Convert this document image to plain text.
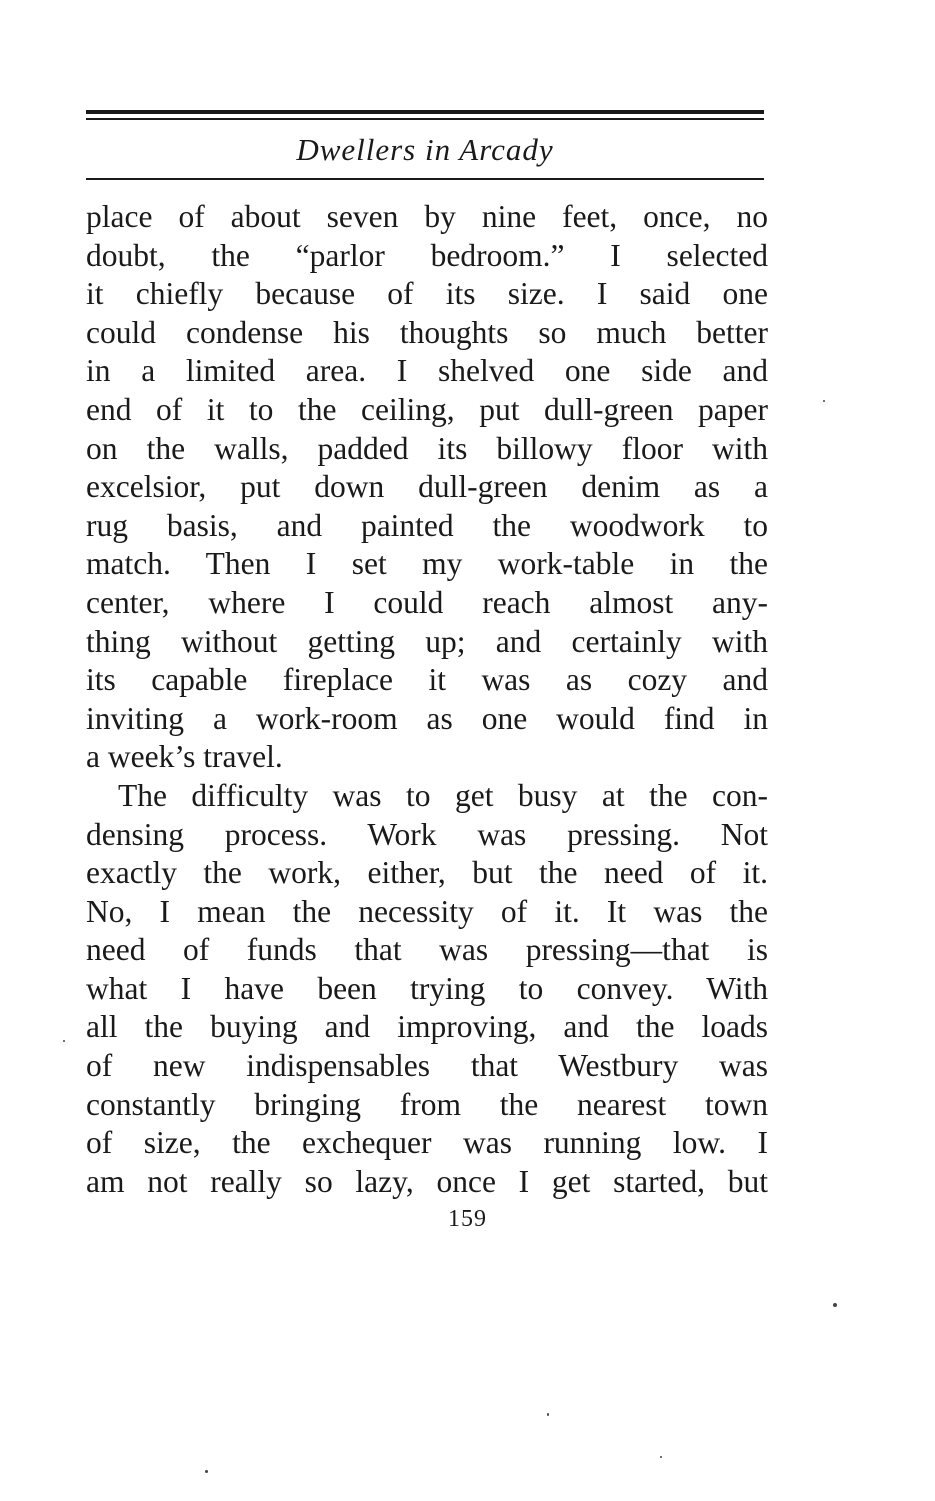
Dwellers in Arcady
place of about seven by nine feet, once, no
doubt, the “parlor bedroom.” I selected
it chiefly because of its size. I said one
could condense his thoughts so much better
in a limited area. I shelved one side and
end of it to the ceiling, put dull-green paper
on the walls, padded its billowy floor with
excelsior, put down dull-green denim as a
rug basis, and painted the woodwork to
match. Then I set my work-table in the
center, where I could reach almost any-
thing without getting up; and certainly with
its capable fireplace it was as cozy and
inviting a work-room as one would find in
a week’s travel.
The difficulty was to get busy at the con-
densing process. Work was pressing. Not
exactly the work, either, but the need of it.
No, I mean the necessity of it. It was the
need of funds that was pressing—that is
what I have been trying to convey. With
all the buying and improving, and the loads
of new indispensables that Westbury was
constantly bringing from the nearest town
of size, the exchequer was running low. I
am not really so lazy, once I get started, but
159
